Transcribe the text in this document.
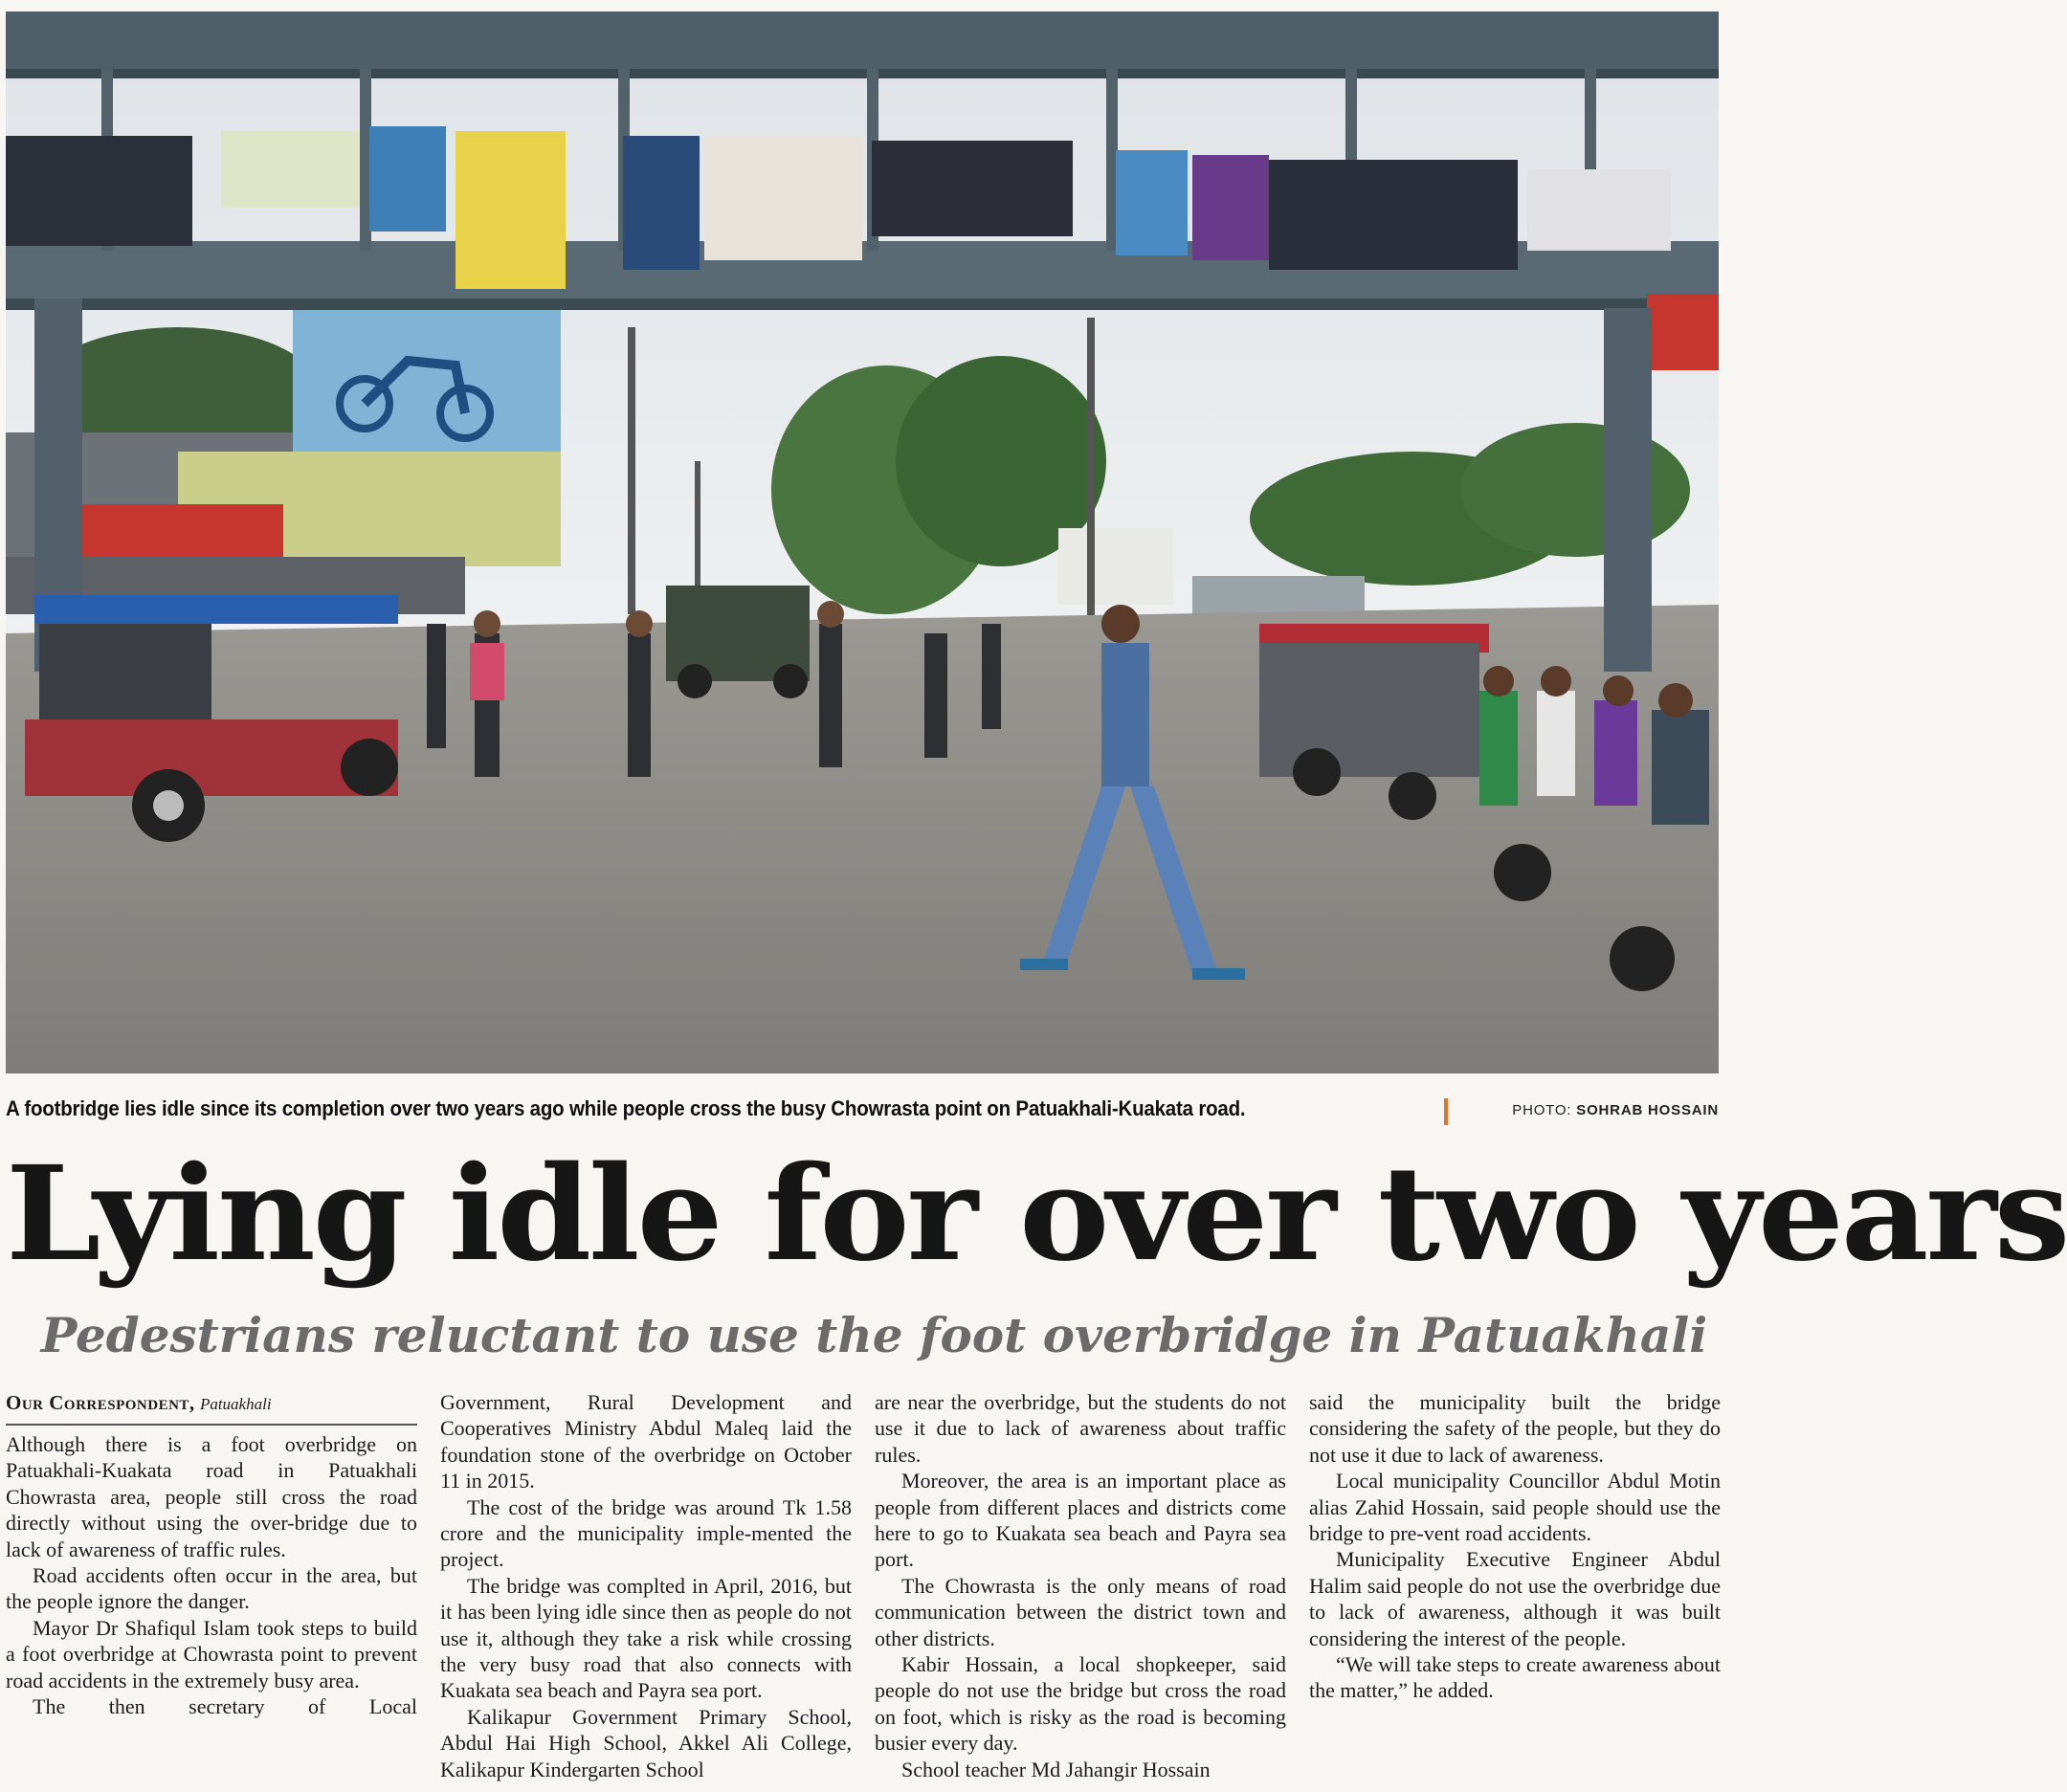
A footbridge lies idle since its completion over two years ago while people cross the busy Chowrasta point on Patuakhali-Kuakata road.	PHOTO: SOHRAB HOSSAIN
Lying idle for over two years
Pedestrians reluctant to use the foot overbridge in Patuakhali
Our Correspondent, Patuakhali

Although there is a foot overbridge on Patuakhali-Kuakata road in Patuakhali Chowrasta area, people still cross the road directly without using the over-bridge due to lack of awareness of traffic rules.

Road accidents often occur in the area, but the people ignore the danger.

Mayor Dr Shafiqul Islam took steps to build a foot overbridge at Chowrasta point to prevent road accidents in the extremely busy area.

The then secretary of Local

Government, Rural Development and Cooperatives Ministry Abdul Maleq laid the foundation stone of the overbridge on October 11 in 2015.

The cost of the bridge was around Tk 1.58 crore and the municipality imple-mented the project.

The bridge was complted in April, 2016, but it has been lying idle since then as people do not use it, although they take a risk while crossing the very busy road that also connects with Kuakata sea beach and Payra sea port.

Kalikapur Government Primary School, Abdul Hai High School, Akkel Ali College, Kalikapur Kindergarten School

are near the overbridge, but the students do not use it due to lack of awareness about traffic rules.

Moreover, the area is an important place as people from different places and districts come here to go to Kuakata sea beach and Payra sea port.

The Chowrasta is the only means of road communication between the district town and other districts.

Kabir Hossain, a local shopkeeper, said people do not use the bridge but cross the road on foot, which is risky as the road is becoming busier every day.

School teacher Md Jahangir Hossain

said the municipality built the bridge considering the safety of the people, but they do not use it due to lack of awareness.

Local municipality Councillor Abdul Motin alias Zahid Hossain, said people should use the bridge to pre-vent road accidents.

Municipality Executive Engineer Abdul Halim said people do not use the overbridge due to lack of awareness, although it was built considering the interest of the people.

“We will take steps to create awareness about the matter,” he added.
